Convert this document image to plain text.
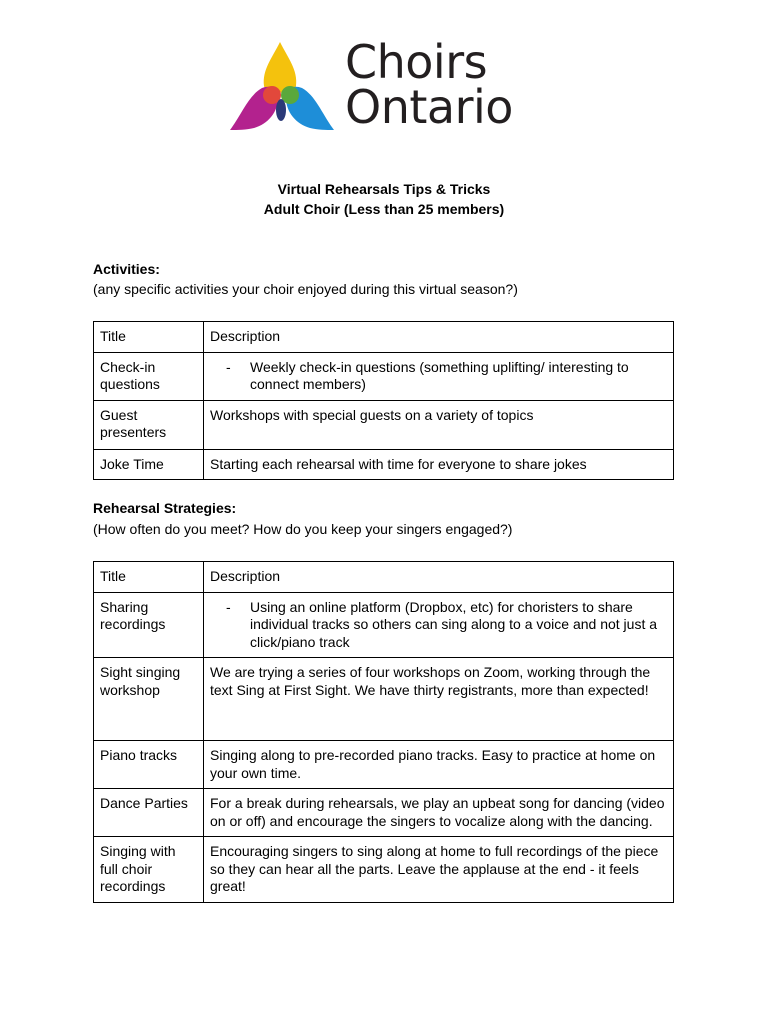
Choirs
Ontario
Virtual Rehearsals Tips & Tricks
Adult Choir (Less than 25 members)
Activities:
(any specific activities your choir enjoyed during this virtual season?)
Title	Description
Check-in questions	- Weekly check-in questions (something uplifting/ interesting to connect members)

Guest presenters	Workshops with special guests on a variety of topics
Joke Time	Starting each rehearsal with time for everyone to share jokes
Rehearsal Strategies:
(How often do you meet? How do you keep your singers engaged?)
Title	Description
Sharing recordings	- Using an online platform (Dropbox, etc) for choristers to share individual tracks so others can sing along to a voice and not just a click/piano track

Sight singing workshop	We are trying a series of four workshops on Zoom, working through the text Sing at First Sight. We have thirty registrants, more than expected!
Piano tracks	Singing along to pre-recorded piano tracks. Easy to practice at home on your own time.
Dance Parties	For a break during rehearsals, we play an upbeat song for dancing (video on or off) and encourage the singers to vocalize along with the dancing.
Singing with full choir recordings	Encouraging singers to sing along at home to full recordings of the piece so they can hear all the parts. Leave the applause at the end - it feels great!
